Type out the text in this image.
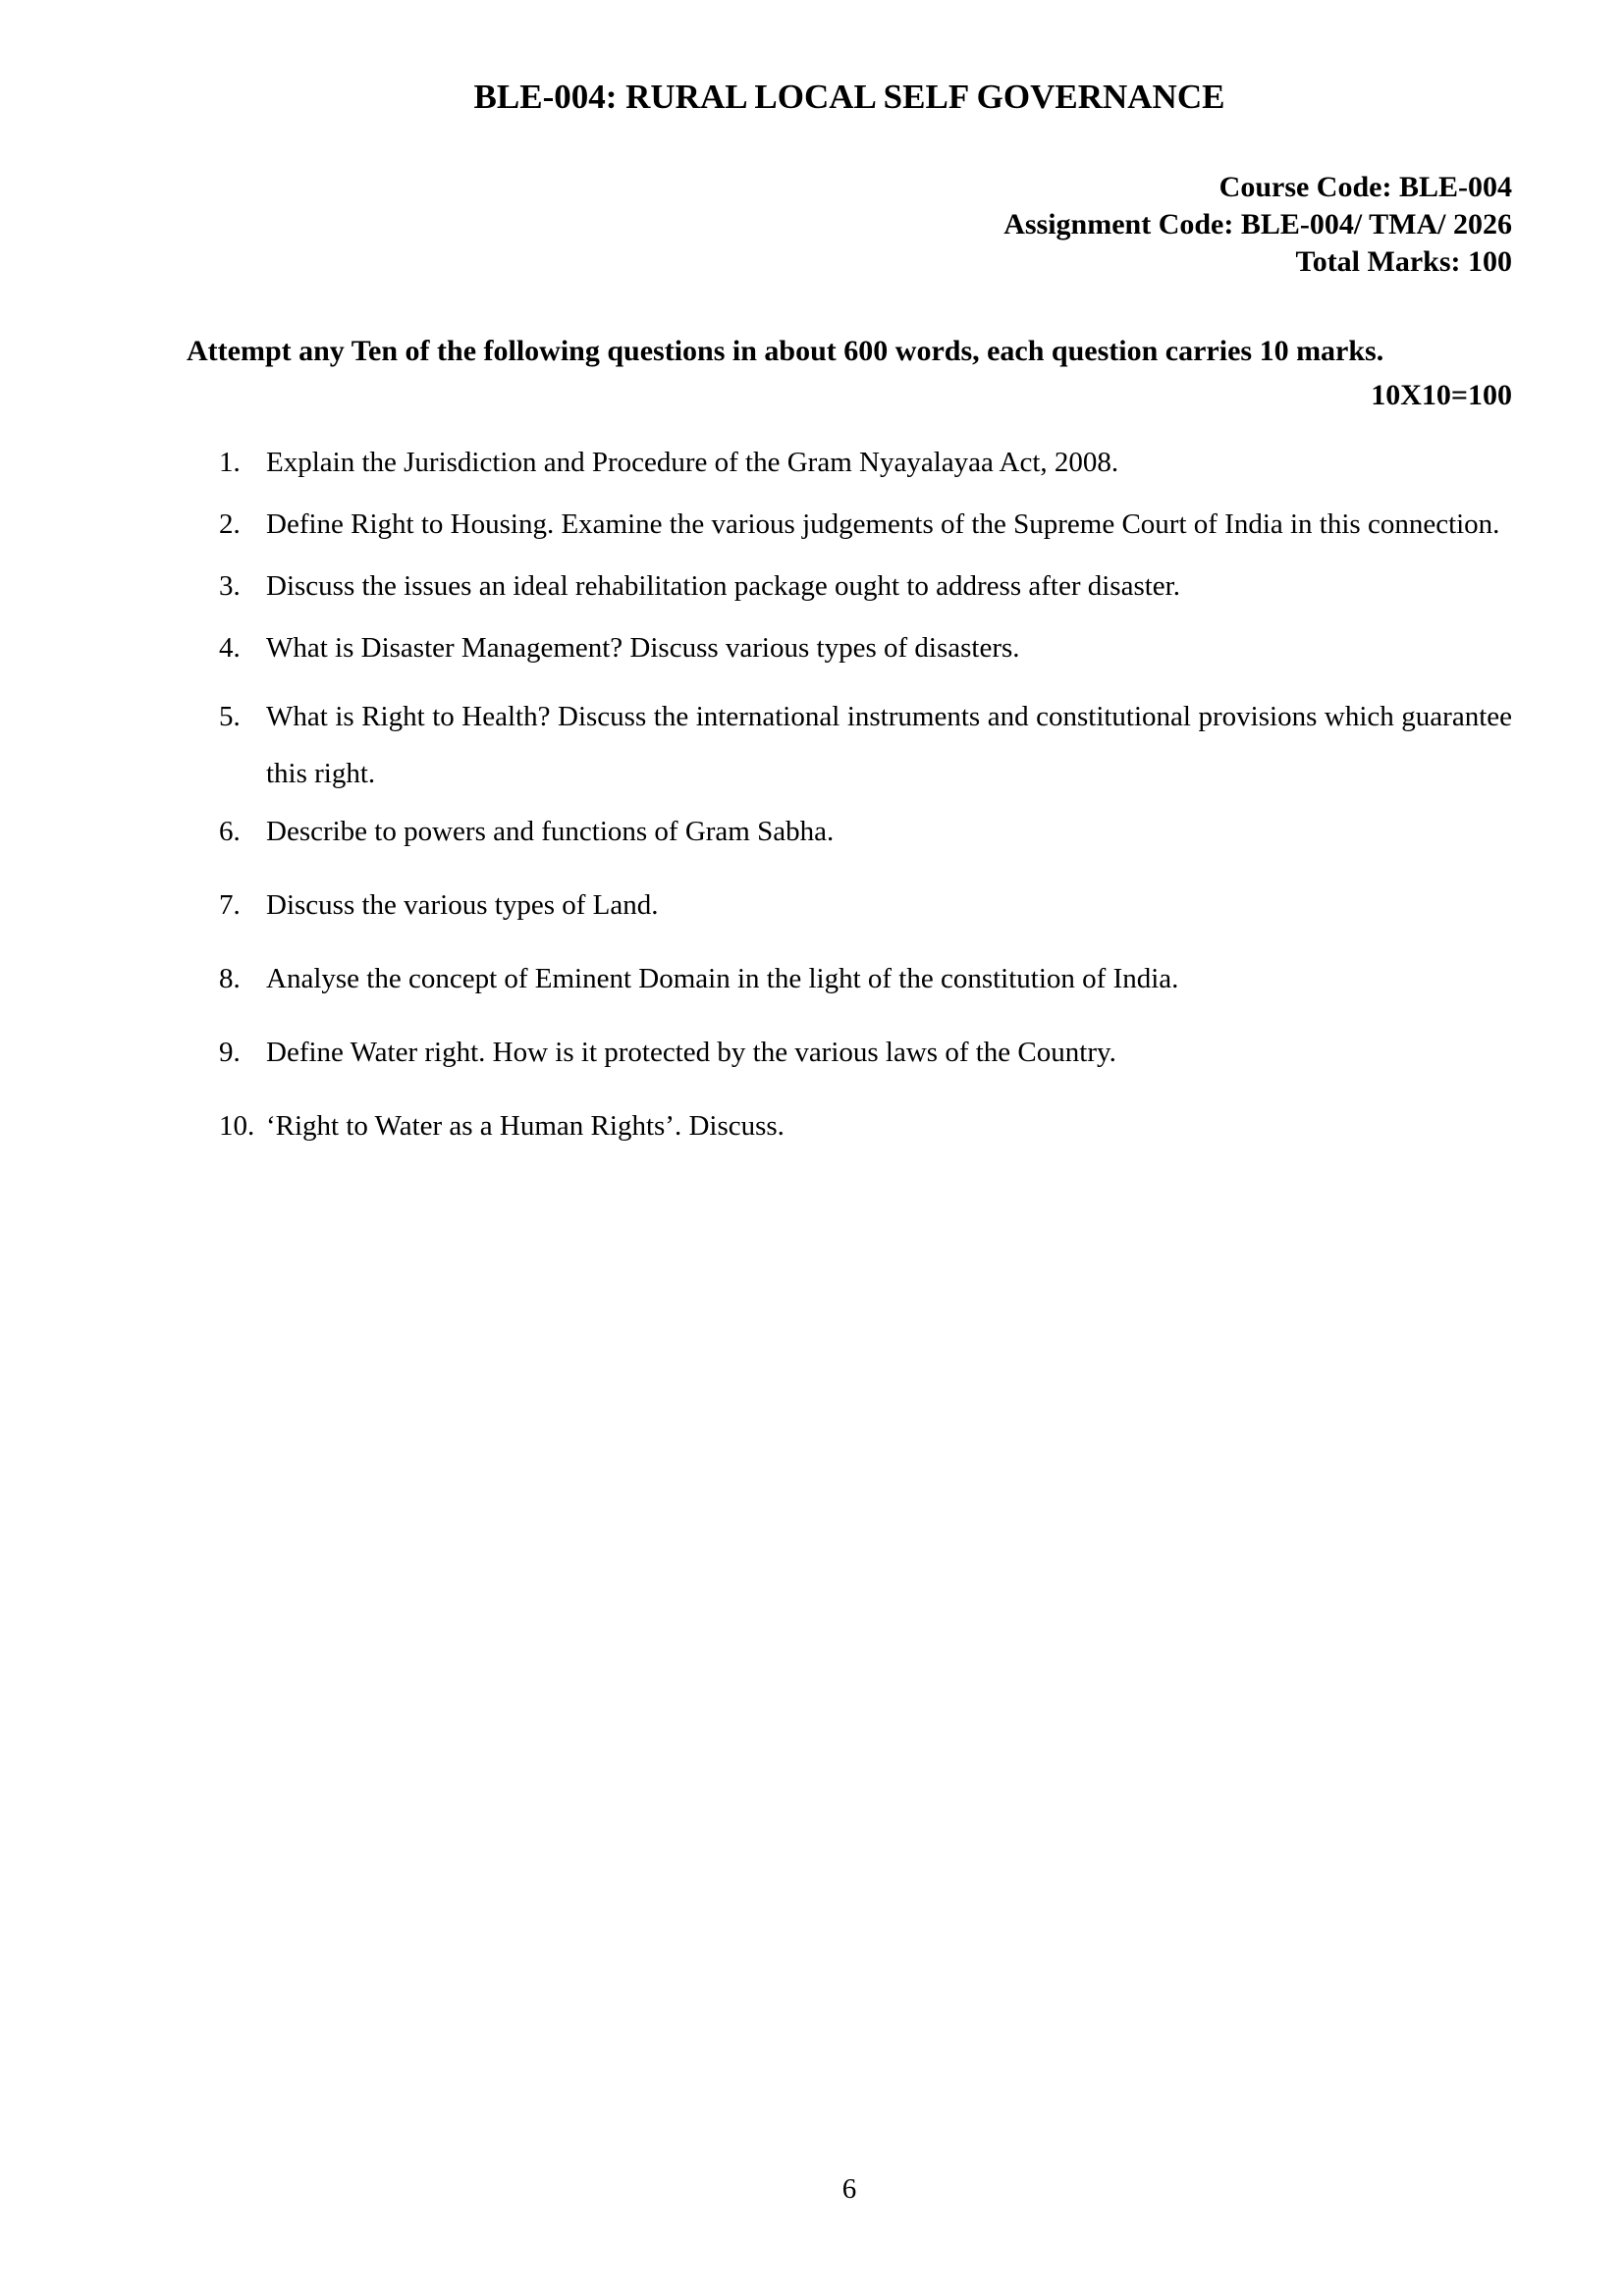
BLE-004: RURAL LOCAL SELF GOVERNANCE
Course Code: BLE-004
Assignment Code: BLE-004/ TMA/ 2026
Total Marks: 100
Attempt any Ten of the following questions in about 600 words, each question carries 10 marks.
10X10=100
1. Explain the Jurisdiction and Procedure of the Gram Nyayalayaa Act, 2008.
2. Define Right to Housing. Examine the various judgements of the Supreme Court of India in this connection.
3. Discuss the issues an ideal rehabilitation package ought to address after disaster.
4. What is Disaster Management? Discuss various types of disasters.
5. What is Right to Health? Discuss the international instruments and constitutional provisions which guarantee this right.
6. Describe to powers and functions of Gram Sabha.
7. Discuss the various types of Land.
8. Analyse the concept of Eminent Domain in the light of the constitution of India.
9. Define Water right. How is it protected by the various laws of the Country.
10. ‘Right to Water as a Human Rights’. Discuss.
6
